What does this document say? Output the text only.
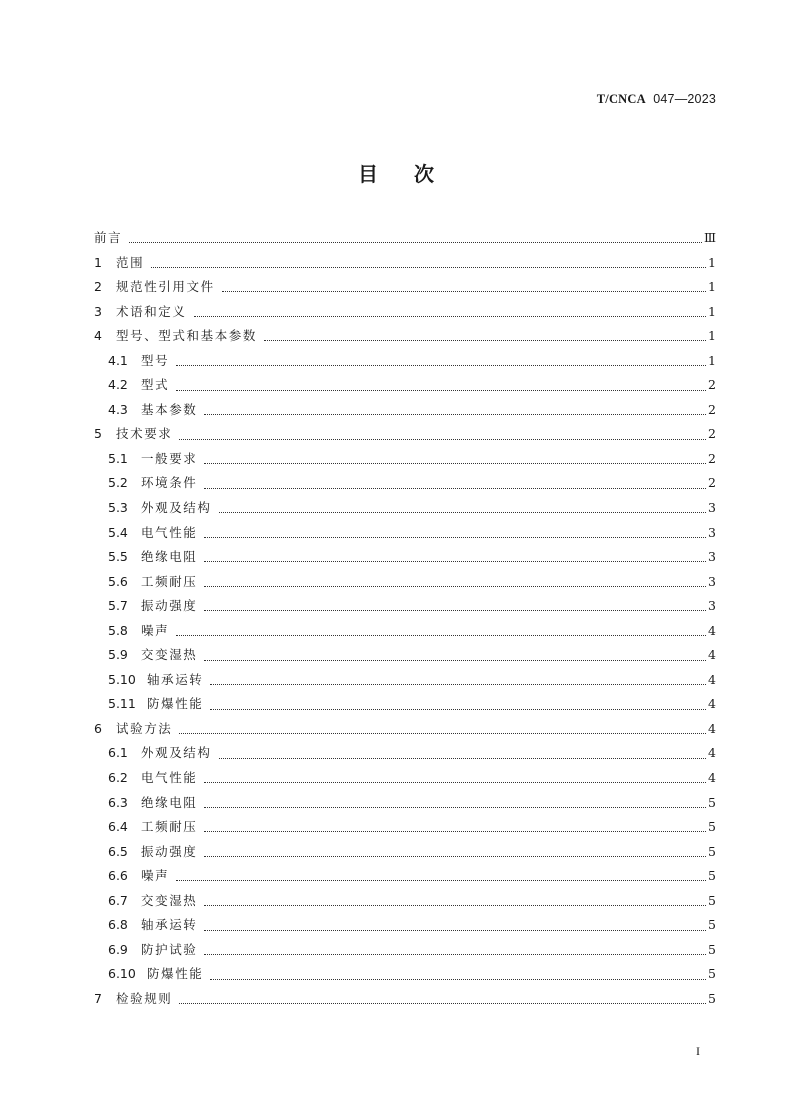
T/CNCA 047—2023
目次
前言	Ⅲ
1	范围	1
2	规范性引用文件	1
3	术语和定义	1
4	型号、型式和基本参数	1
4.1	型号	1
4.2	型式	2
4.3	基本参数	2
5	技术要求	2
5.1	一般要求	2
5.2	环境条件	2
5.3	外观及结构	3
5.4	电气性能	3
5.5	绝缘电阻	3
5.6	工频耐压	3
5.7	振动强度	3
5.8	噪声	4
5.9	交变湿热	4
5.10 轴承运转	4
5.11 防爆性能	4
6	试验方法	4
6.1	外观及结构	4
6.2	电气性能	4
6.3	绝缘电阻	5
6.4	工频耐压	5
6.5	振动强度	5
6.6	噪声	5
6.7	交变湿热	5
6.8	轴承运转	5
6.9	防护试验	5
6.10 防爆性能	5
7	检验规则	5
I
